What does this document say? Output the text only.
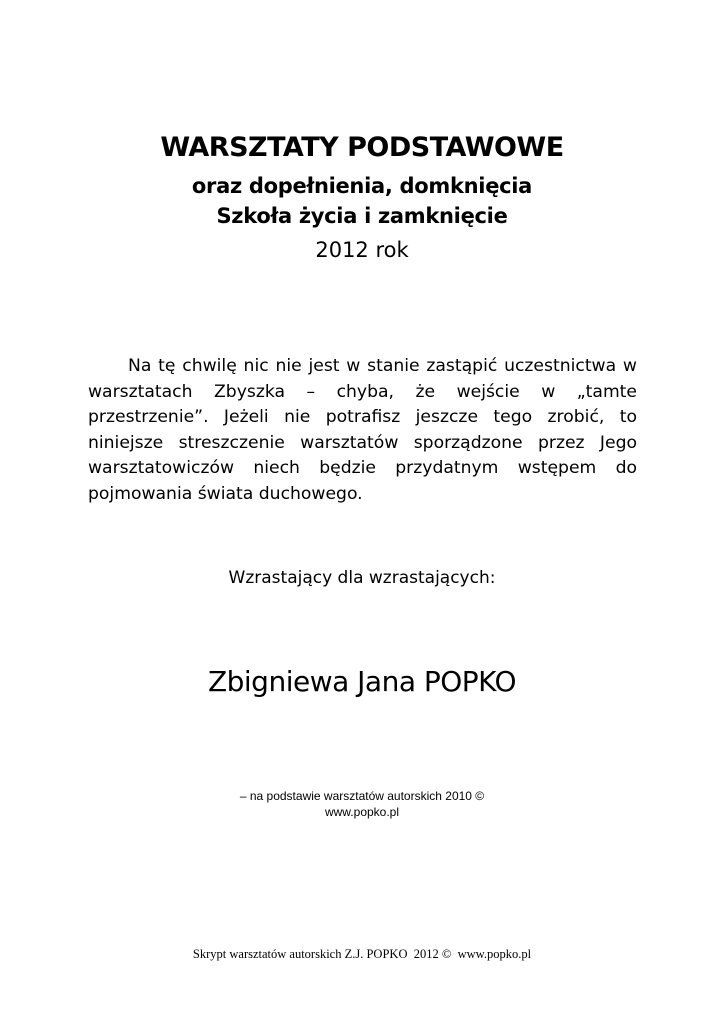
WARSZTATY PODSTAWOWE
oraz dopełnienia, domknięcia
Szkoła życia i zamknięcie

2012 rok

Na tę chwilę nic nie jest w stanie zastąpić uczestnictwa w warsztatach Zbyszka – chyba, że wejście w „tamte przestrzenie”. Jeżeli nie potrafisz jeszcze tego zrobić, to niniejsze streszczenie warsztatów sporządzone przez Jego warsztatowiczów niech będzie przydatnym wstępem do pojmowania świata duchowego.

Wzrastający dla wzrastających:

Zbigniewa Jana POPKO

– na podstawie warsztatów autorskich 2010 ©

www.popko.pl

Skrypt warsztatów autorskich Z.J. POPKO  2012 ©  www.popko.pl
